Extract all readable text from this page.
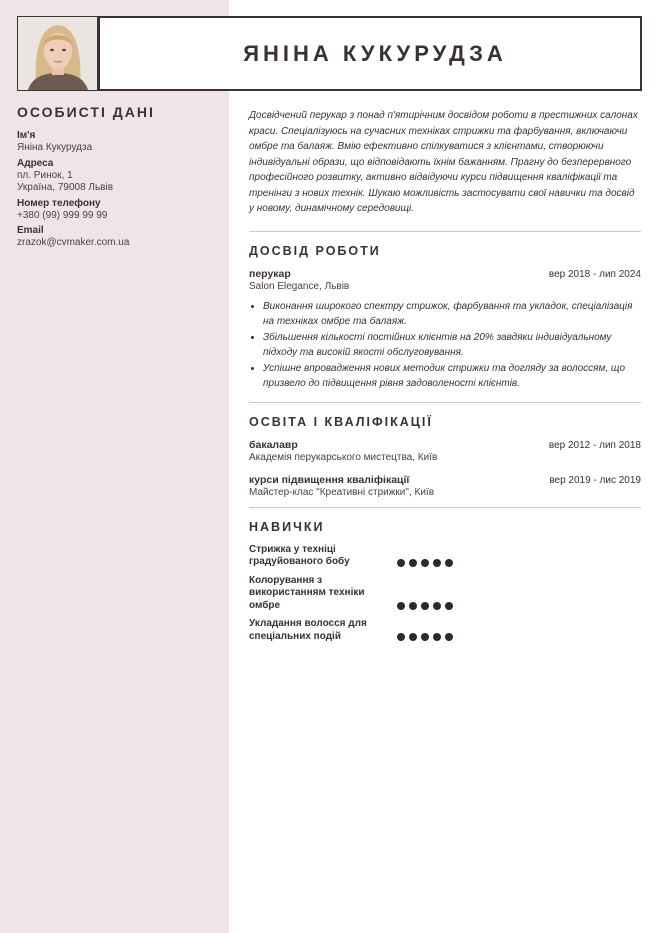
ЯНІНА КУКУРУДЗА
ОСОБИСТІ ДАНІ
Ім'я
Яніна Кукурудза
Адреса
пл. Ринок, 1
Україна, 79008 Львів
Номер телефону
+380 (99) 999 99 99
Email
zrazok@cvmaker.com.ua

Досвідчений перукар з понад п'ятирічним досвідом роботи в престижних салонах краси. Спеціалізуюсь на сучасних техніках стрижки та фарбування, включаючи омбре та балаяж. Вмію ефективно спілкуватися з клієнтами, створюючи індивідуальні образи, що відповідають їхнім бажанням. Прагну до безперервного професійного розвитку, активно відвідуючи курси підвищення кваліфікації та тренінги з нових технік. Шукаю можливість застосувати свої навички та досвід у новому, динамічному середовищі.

ДОСВІД РОБОТИ
перукар	вер 2018 - лип 2024
Salon Elegance, Львів
• Виконання широкого спектру стрижок, фарбування та укладок, спеціалізація на техніках омбре та балаяж.
• Збільшення кількості постійних клієнтів на 20% завдяки індивідуальному підходу та високій якості обслуговування.
• Успішне впровадження нових методик стрижки та догляду за волоссям, що призвело до підвищення рівня задоволеності клієнтів.
ОСВІТА І КВАЛІФІКАЦІЇ
бакалавр	вер 2012 - лип 2018
Академія перукарського мистецтва, Київ
курси підвищення кваліфікації	вер 2019 - лис 2019
Майстер-клас "Креативні стрижки", Київ
НАВИЧКИ
Стрижка у техніці градуйованого бобу
Колорування з використанням техніки омбре
Укладання волосся для спеціальних подій
